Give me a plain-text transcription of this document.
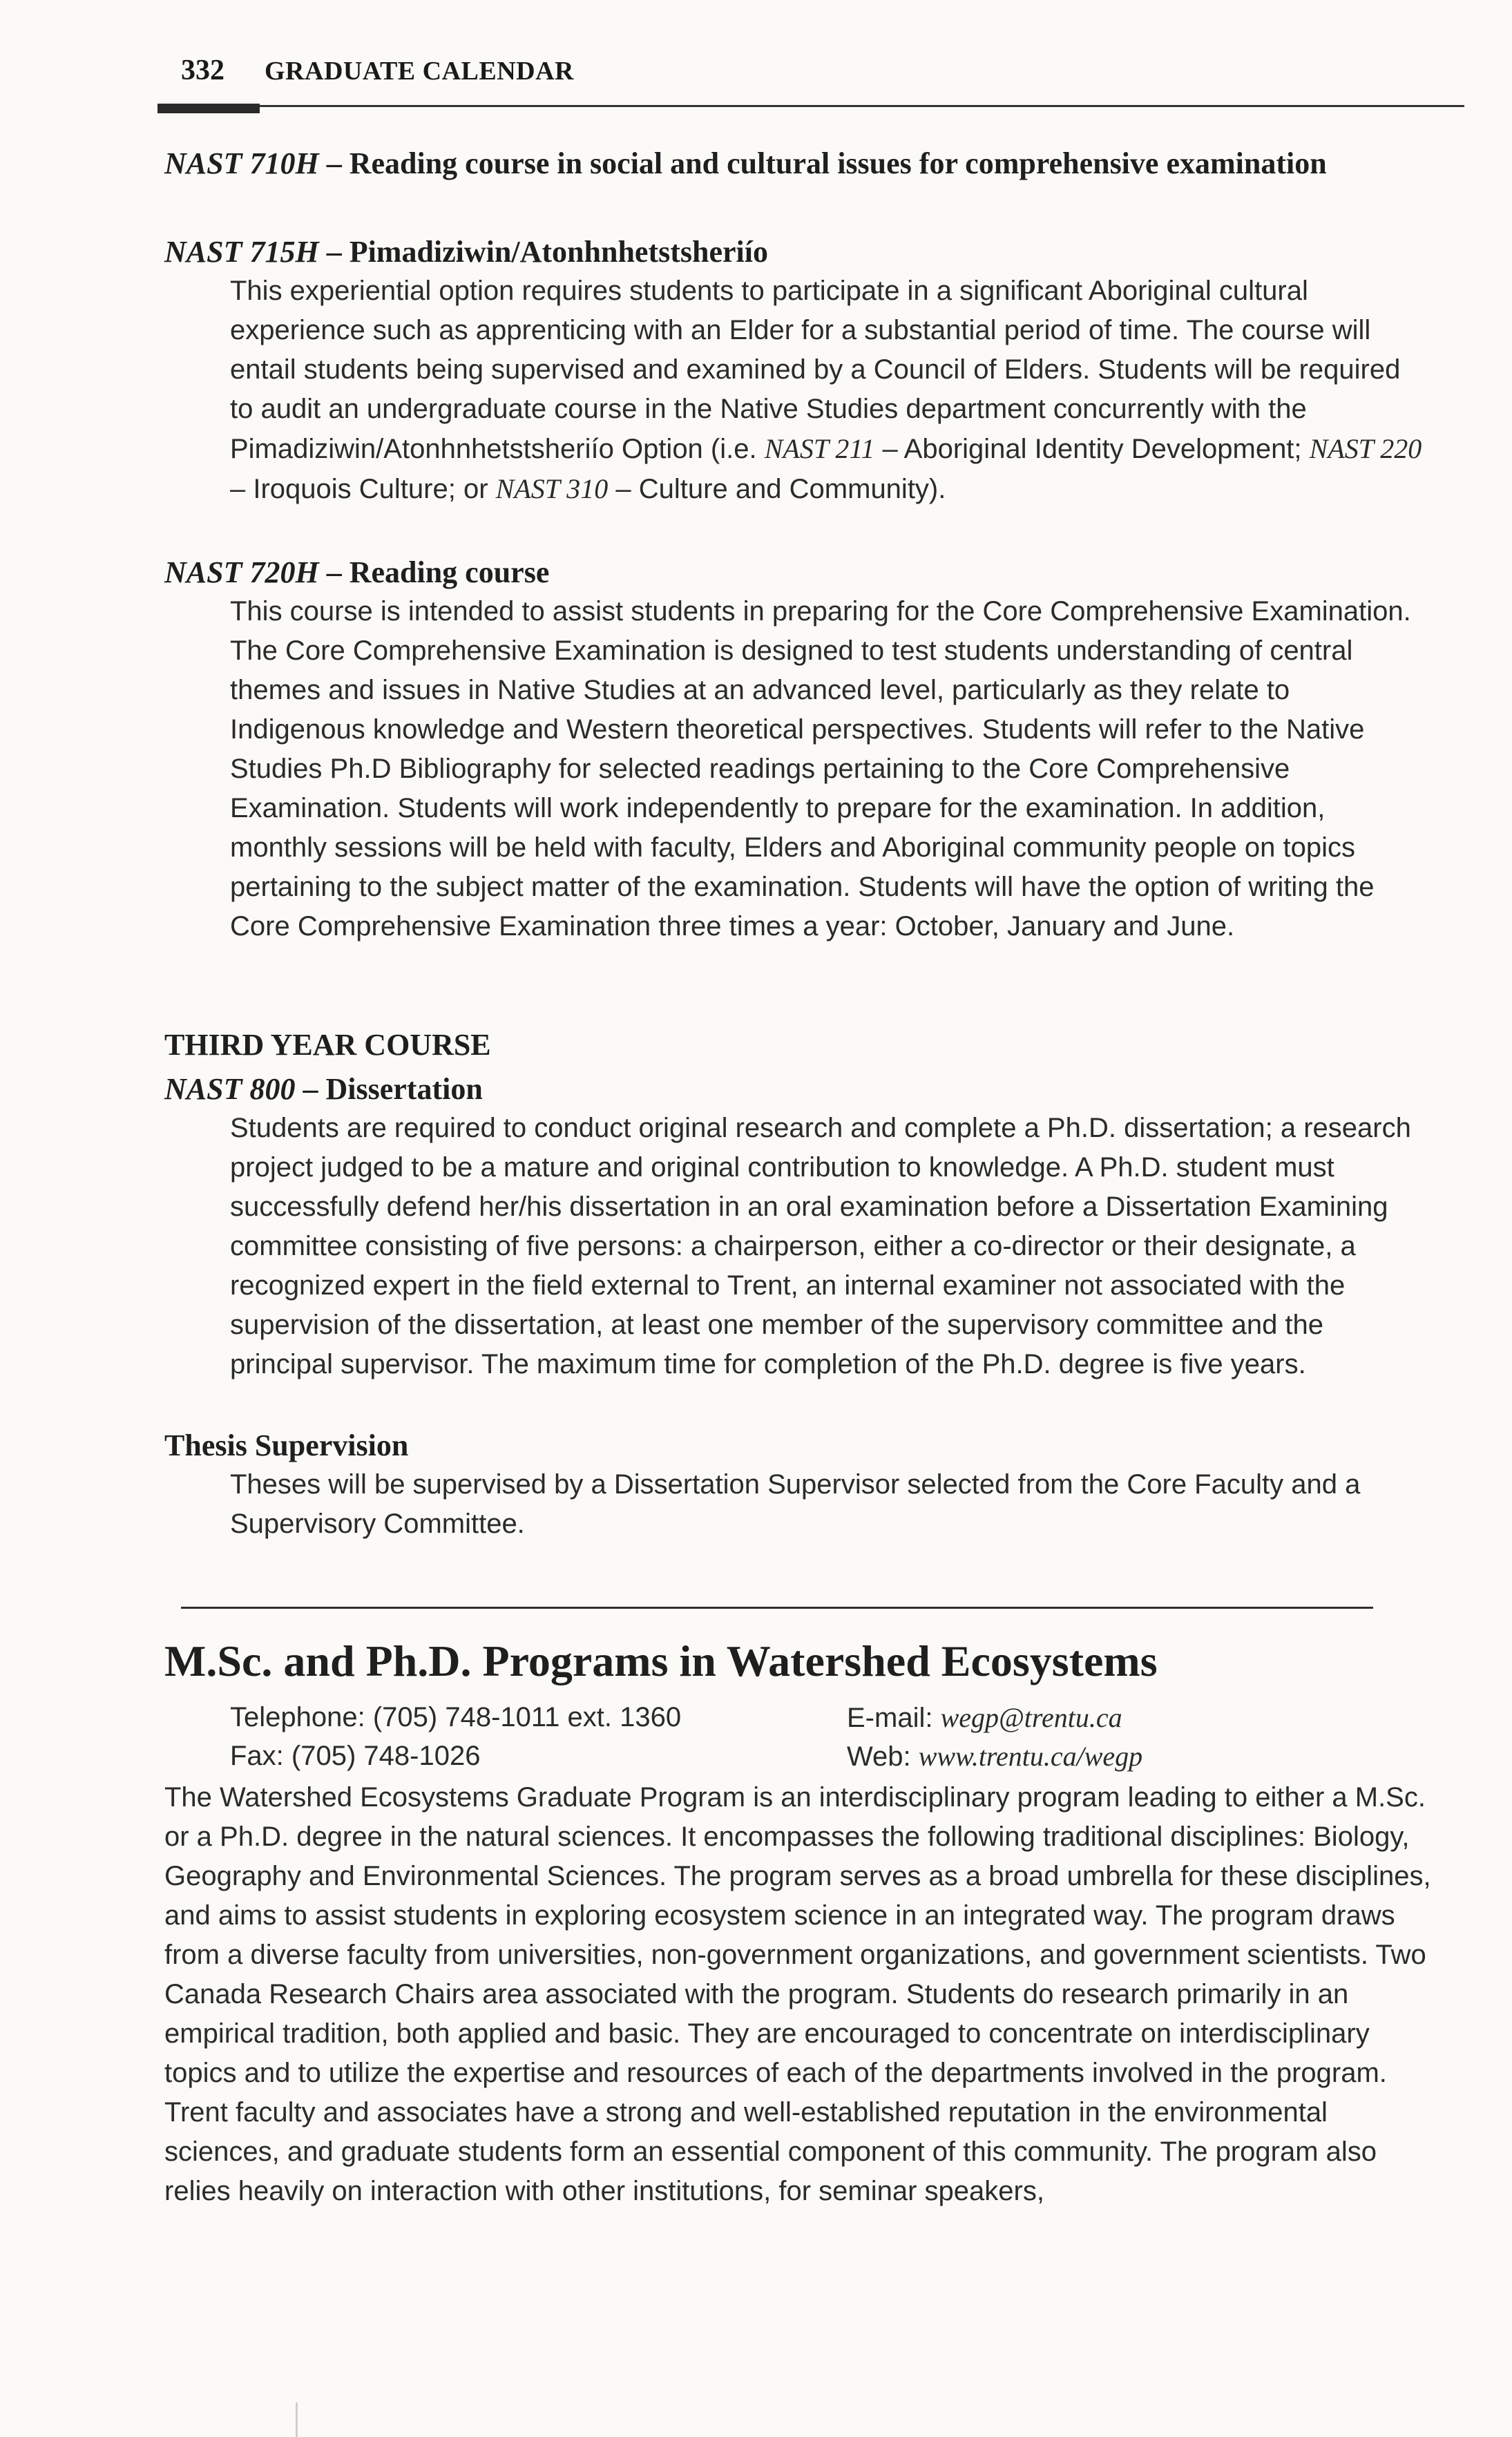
332 GRADUATE CALENDAR
NAST 710H – Reading course in social and cultural issues for comprehensive examination
NAST 715H – Pimadiziwin/Atonhnhetstsheriío
This experiential option requires students to participate in a significant Aboriginal cultural experience such as apprenticing with an Elder for a substantial period of time. The course will entail students being supervised and examined by a Council of Elders. Students will be required to audit an undergraduate course in the Native Studies department concurrently with the Pimadiziwin/Atonhnhetstsheriío Option (i.e. NAST 211 – Aboriginal Identity Development; NAST 220 – Iroquois Culture; or NAST 310 – Culture and Community).
NAST 720H – Reading course
This course is intended to assist students in preparing for the Core Comprehensive Examination. The Core Comprehensive Examination is designed to test students understanding of central themes and issues in Native Studies at an advanced level, particularly as they relate to Indigenous knowledge and Western theoretical perspectives. Students will refer to the Native Studies Ph.D Bibliography for selected readings pertaining to the Core Comprehensive Examination. Students will work independently to prepare for the examination. In addition, monthly sessions will be held with faculty, Elders and Aboriginal community people on topics pertaining to the subject matter of the examination. Students will have the option of writing the Core Comprehensive Examination three times a year: October, January and June.
THIRD YEAR COURSE
NAST 800 – Dissertation
Students are required to conduct original research and complete a Ph.D. dissertation; a research project judged to be a mature and original contribution to knowledge. A Ph.D. student must successfully defend her/his dissertation in an oral examination before a Dissertation Examining committee consisting of five persons: a chairperson, either a co-director or their designate, a recognized expert in the field external to Trent, an internal examiner not associated with the supervision of the dissertation, at least one member of the supervisory committee and the principal supervisor. The maximum time for completion of the Ph.D. degree is five years.
Thesis Supervision
Theses will be supervised by a Dissertation Supervisor selected from the Core Faculty and a Supervisory Committee.
M.Sc. and Ph.D. Programs in Watershed Ecosystems
Telephone: (705) 748-1011 ext. 1360	E-mail: wegp@trentu.ca
Fax: (705) 748-1026	Web: www.trentu.ca/wegp
The Watershed Ecosystems Graduate Program is an interdisciplinary program leading to either a M.Sc. or a Ph.D. degree in the natural sciences. It encompasses the following traditional disciplines: Biology, Geography and Environmental Sciences. The program serves as a broad umbrella for these disciplines, and aims to assist students in exploring ecosystem science in an integrated way. The program draws from a diverse faculty from universities, non-government organizations, and government scientists. Two Canada Research Chairs area associated with the program. Students do research primarily in an empirical tradition, both applied and basic. They are encouraged to concentrate on interdisciplinary topics and to utilize the expertise and resources of each of the departments involved in the program. Trent faculty and associates have a strong and well-established reputation in the environmental sciences, and graduate students form an essential component of this community. The program also relies heavily on interaction with other institutions, for seminar speakers,
